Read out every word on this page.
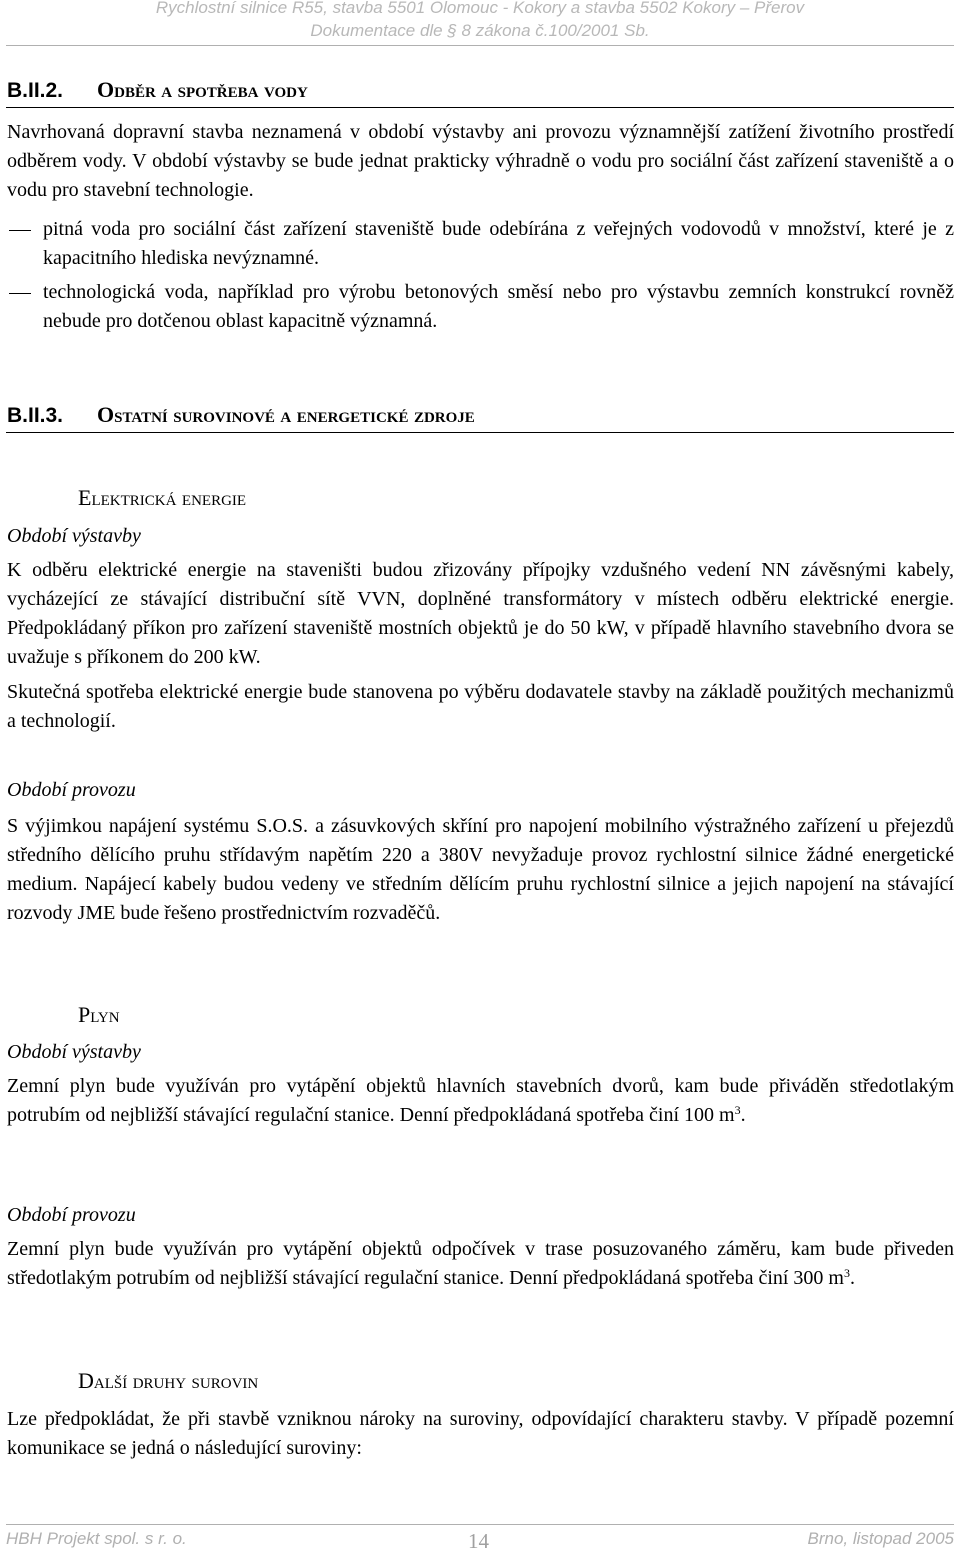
Rychlostní silnice R55, stavba 5501 Olomouc - Kokory a stavba 5502 Kokory – Přerov
Dokumentace dle § 8 zákona č.100/2001 Sb.
B.II.2. Odběr a spotřeba vody

Navrhovaná dopravní stavba neznamená v období výstavby ani provozu významnější zatížení životního prostředí odběrem vody. V období výstavby se bude jednat prakticky výhradně o vodu pro sociální část zařízení staveniště a o vodu pro stavební technologie.

pitná voda pro sociální část zařízení staveniště bude odebírána z veřejných vodovodů v množství, které je z kapacitního hlediska nevýznamné.
technologická voda, například pro výrobu betonových směsí nebo pro výstavbu zemních konstrukcí rovněž nebude pro dotčenou oblast kapacitně významná.
B.II.3. Ostatní surovinové a energetické zdroje
Elektrická energie
Období výstavby

K odběru elektrické energie na staveništi budou zřizovány přípojky vzdušného vedení NN závěsnými kabely, vycházející ze stávající distribuční sítě VVN, doplněné transformátory v místech odběru elektrické energie. Předpokládaný příkon pro zařízení staveniště mostních objektů je do 50 kW, v případě hlavního stavebního dvora se uvažuje s příkonem do 200 kW.

Skutečná spotřeba elektrické energie bude stanovena po výběru dodavatele stavby na základě použitých mechanizmů a technologií.

Období provozu

S výjimkou napájení systému S.O.S. a zásuvkových skříní pro napojení mobilního výstražného zařízení u přejezdů středního dělícího pruhu střídavým napětím 220 a 380V nevyžaduje provoz rychlostní silnice žádné energetické medium. Napájecí kabely budou vedeny ve středním dělícím pruhu rychlostní silnice a jejich napojení na stávající rozvody JME bude řešeno prostřednictvím rozvaděčů.

Plyn
Období výstavby

Zemní plyn bude využíván pro vytápění objektů hlavních stavebních dvorů, kam bude přiváděn středotlakým potrubím od nejbližší stávající regulační stanice. Denní předpokládaná spotřeba činí 100 $m^3$.

Období provozu

Zemní plyn bude využíván pro vytápění objektů odpočívek v trase posuzovaného záměru, kam bude přiveden středotlakým potrubím od nejbližší stávající regulační stanice. Denní předpokládaná spotřeba činí 300 $m^3$.

Další druhy surovin

Lze předpokládat, že při stavbě vzniknou nároky na suroviny, odpovídající charakteru stavby. V případě pozemní komunikace se jedná o následující suroviny:

HBH Projekt spol. s r. o.	14	Brno, listopad 2005
